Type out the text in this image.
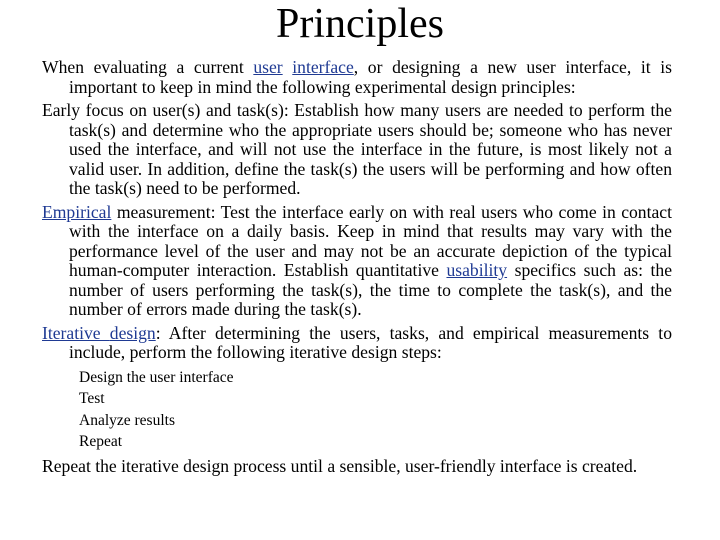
Principles

When evaluating a current user interface, or designing a new user interface, it is important to keep in mind the following experimental design principles:

Early focus on user(s) and task(s): Establish how many users are needed to perform the task(s) and determine who the appropriate users should be; someone who has never used the interface, and will not use the interface in the future, is most likely not a valid user. In addition, define the task(s) the users will be performing and how often the task(s) need to be performed.

Empirical measurement: Test the interface early on with real users who come in contact with the interface on a daily basis. Keep in mind that results may vary with the performance level of the user and may not be an accurate depiction of the typical human-computer interaction. Establish quantitative usability specifics such as: the number of users performing the task(s), the time to complete the task(s), and the number of errors made during the task(s).

Iterative design: After determining the users, tasks, and empirical measurements to include, perform the following iterative design steps:

Design the user interface
Test
Analyze results
Repeat

Repeat the iterative design process until a sensible, user-friendly interface is created.
